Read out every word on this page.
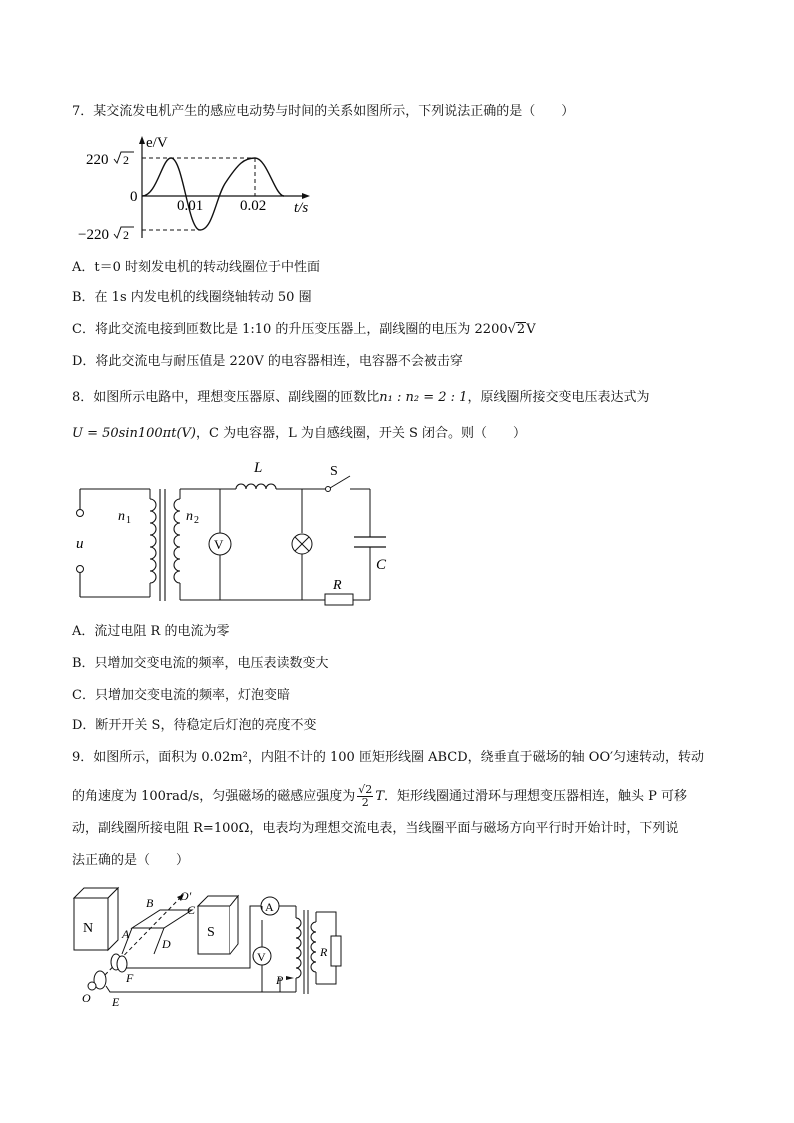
7．某交流发电机产生的感应电动势与时间的关系如图所示，下列说法正确的是（　　）
e/V
t/s
220 2
0
−220 2
0.01 0.02
A．t＝0 时刻发电机的转动线圈位于中性面
B．在 1s 内发电机的线圈绕轴转动 50 圈
C．将此交流电接到匝数比是 1:10 的升压变压器上，副线圈的电压为 2200√2V
D．将此交流电与耐压值是 220V 的电容器相连，电容器不会被击穿
8．如图所示电路中，理想变压器原、副线圈的匝数比n₁ : n₂ = 2 : 1，原线圈所接交变电压表达式为
U = 50sin100πt(V)，C 为电容器，L 为自感线圈，开关 S 闭合。则（　　）
u
n 1	n 2
V
L	S
C
R
A．流过电阻 R 的电流为零
B．只增加交变电流的频率，电压表读数变大
C．只增加交变电流的频率，灯泡变暗
D．断开开关 S，待稳定后灯泡的亮度不变
9．如图所示，面积为 0.02m²，内阻不计的 100 匝矩形线圈 ABCD，绕垂直于磁场的轴 OO′匀速转动，转动
的角速度为 100rad/s，匀强磁场的磁感应强度为 $\frac{√2}{2}$ T．矩形线圈通过滑环与理想变压器相连，触头 P 可移
动，副线圈所接电阻 R=100Ω，电表均为理想交流电表，当线圈平面与磁场方向平行时开始计时，下列说
法正确的是（　　）
N	S
B O′
C
A
D
F
O E
A
V
P
R
